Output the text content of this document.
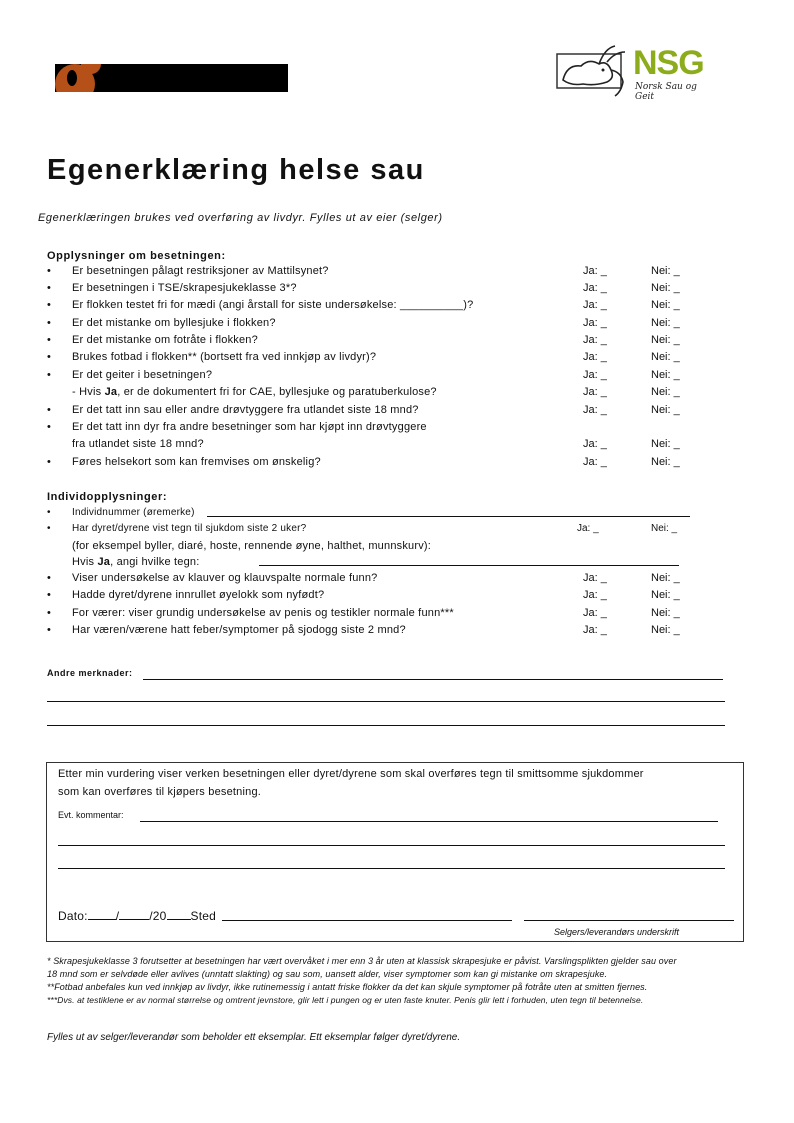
NSG
Norsk Sau og Geit
Egenerklæring helse sau
Egenerklæringen brukes ved overføring av livdyr. Fylles ut av eier (selger)
Opplysninger om besetningen:
• Er besetningen pålagt restriksjoner av Mattilsynet?	Ja: _	Nei: _
• Er besetningen i TSE/skrapesjukeklasse 3*?	Ja: _	Nei: _
• Er flokken testet fri for mædi (angi årstall for siste undersøkelse: __________)?	Ja: _	Nei: _
• Er det mistanke om byllesjuke i flokken?	Ja: _	Nei: _
• Er det mistanke om fotråte i flokken?	Ja: _	Nei: _
• Brukes fotbad i flokken** (bortsett fra ved innkjøp av livdyr)?	Ja: _	Nei: _
• Er det geiter i besetningen?	Ja: _	Nei: _
- Hvis Ja, er de dokumentert fri for CAE, byllesjuke og paratuberkulose?	Ja: _	Nei: _
• Er det tatt inn sau eller andre drøvtyggere fra utlandet siste 18 mnd?	Ja: _	Nei: _
• Er det tatt inn dyr fra andre besetninger som har kjøpt inn drøvtyggere
fra utlandet siste 18 mnd?	Ja: _	Nei: _
• Føres helsekort som kan fremvises om ønskelig?	Ja: _	Nei: _
Individopplysninger:
• Individnummer (øremerke)
• Har dyret/dyrene vist tegn til sjukdom siste 2 uker?	Ja: _	Nei: _
(for eksempel byller, diaré, hoste, rennende øyne, halthet, munnskurv):
Hvis Ja, angi hvilke tegn:
• Viser undersøkelse av klauver og klauvspalte normale funn?	Ja: _	Nei: _
• Hadde dyret/dyrene innrullet øyelokk som nyfødt?	Ja: _	Nei: _
• For værer: viser grundig undersøkelse av penis og testikler normale funn***	Ja: _	Nei: _
• Har væren/værene hatt feber/symptomer på sjodogg siste 2 mnd?	Ja: _	Nei: _
Andre merknader:
Etter min vurdering viser verken besetningen eller dyret/dyrene som skal overføres tegn til smittsomme sjukdommer
som kan overføres til kjøpers besetning.
Evt. kommentar:
Dato: /	/20 Sted
Selgers/leverandørs underskrift
* Skrapesjukeklasse 3 forutsetter at besetningen har vært overvåket i mer enn 3 år uten at klassisk skrapesjuke er påvist. Varslingsplikten gjelder sau over
18 mnd som er selvdøde eller avlives (unntatt slakting) og sau som, uansett alder, viser symptomer som kan gi mistanke om skrapesjuke.
**Fotbad anbefales kun ved innkjøp av livdyr, ikke rutinemessig i antatt friske flokker da det kan skjule symptomer på fotråte uten at smitten fjernes.
***Dvs. at testiklene er av normal størrelse og omtrent jevnstore, glir lett i pungen og er uten faste knuter. Penis glir lett i forhuden, uten tegn til betennelse.
Fylles ut av selger/leverandør som beholder ett eksemplar. Ett eksemplar følger dyret/dyrene.
